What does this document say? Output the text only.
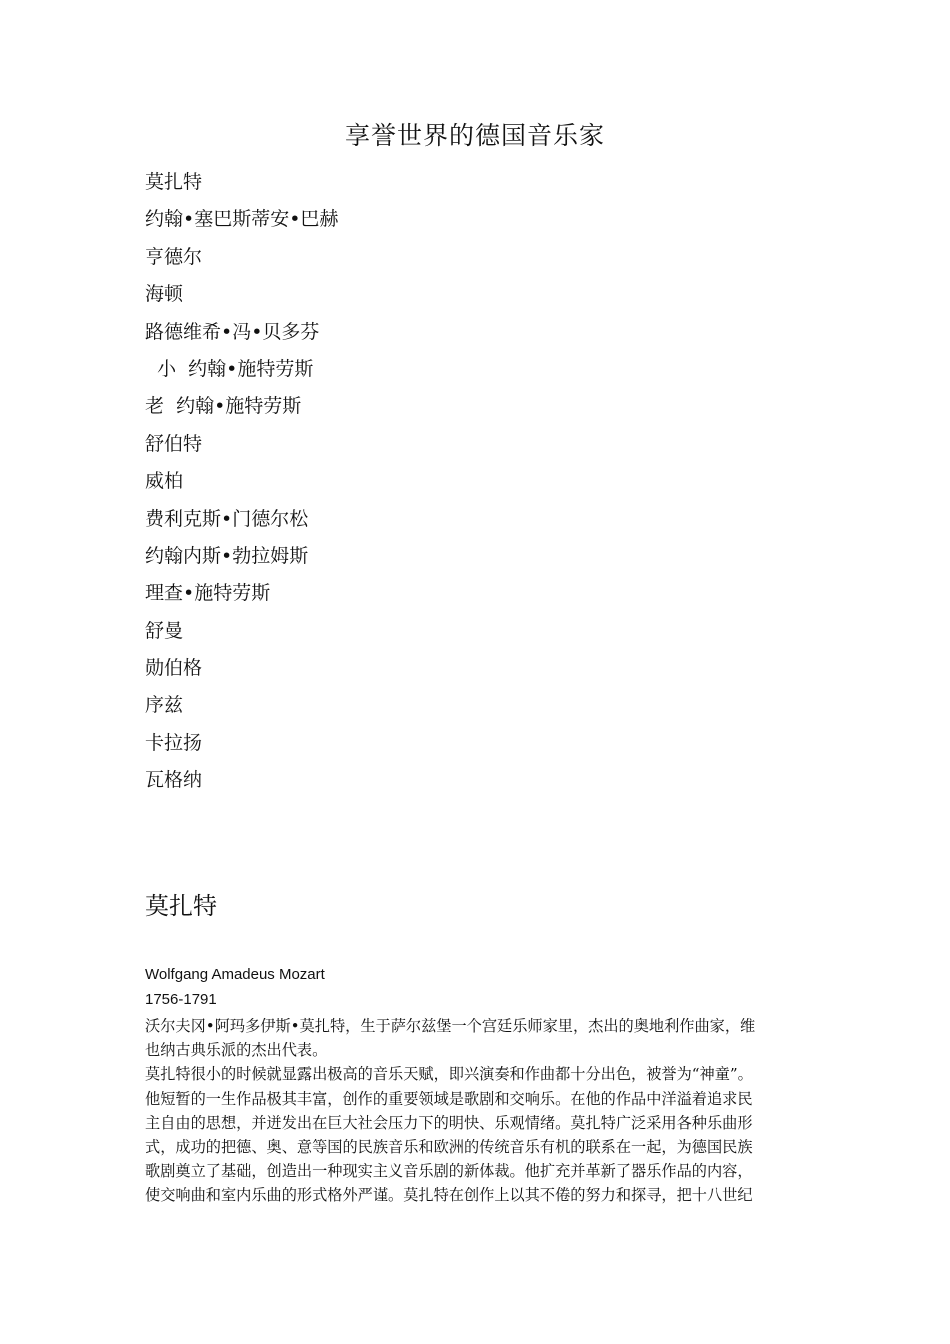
享誉世界的德国音乐家
莫扎特
约翰•塞巴斯蒂安•巴赫
亨德尔
海顿
路德维希•冯•贝多芬
小  约翰•施特劳斯
老  约翰•施特劳斯
舒伯特
威柏
费利克斯•门德尔松
约翰内斯•勃拉姆斯
理查•施特劳斯
舒曼
勋伯格
序兹
卡拉扬
瓦格纳
莫扎特
Wolfgang Amadeus Mozart
1756-1791

沃尔夫冈•阿玛多伊斯•莫扎特，生于萨尔兹堡一个宫廷乐师家里，杰出的奥地利作曲家，维
也纳古典乐派的杰出代表。
莫扎特很小的时候就显露出极高的音乐天赋，即兴演奏和作曲都十分出色，被誉为“神童”。
他短暂的一生作品极其丰富，创作的重要领域是歌剧和交响乐。在他的作品中洋溢着追求民
主自由的思想，并迸发出在巨大社会压力下的明快、乐观情绪。莫扎特广泛采用各种乐曲形
式，成功的把德、奥、意等国的民族音乐和欧洲的传统音乐有机的联系在一起，为德国民族
歌剧奠立了基础，创造出一种现实主义音乐剧的新体裁。他扩充并革新了器乐作品的内容，
使交响曲和室内乐曲的形式格外严谨。莫扎特在创作上以其不倦的努力和探寻，把十八世纪
